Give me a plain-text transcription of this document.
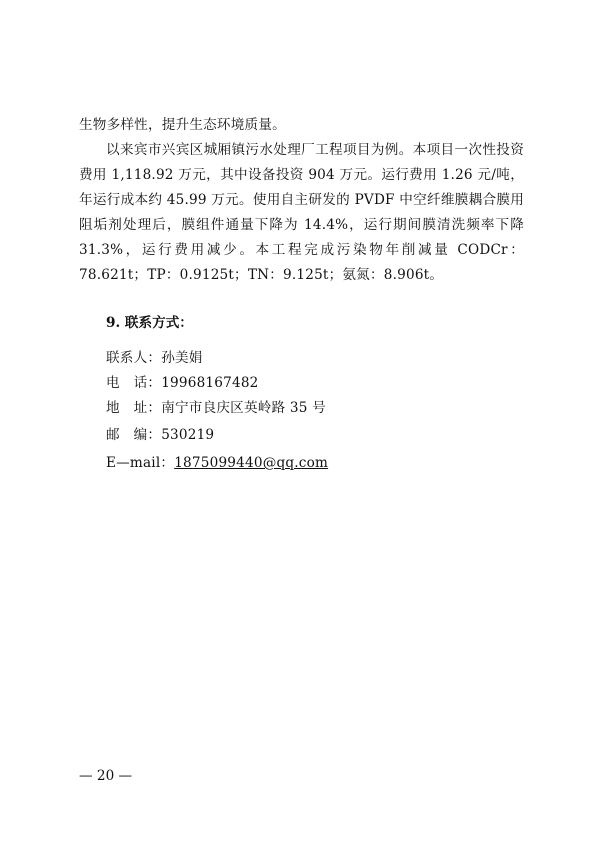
生物多样性，提升生态环境质量。

以来宾市兴宾区城厢镇污水处理厂工程项目为例。本项目一次性投资费用 1,118.92 万元，其中设备投资 904 万元。运行费用 1.26 元/吨，年运行成本约 45.99 万元。使用自主研发的 PVDF 中空纤维膜耦合膜用阻垢剂处理后，膜组件通量下降为 14.4%，运行期间膜清洗频率下降 31.3%，运行费用减少。本工程完成污染物年削减量 CODCr：78.621t；TP：0.9125t；TN：9.125t；氨氮：8.906t。

9. 联系方式：
联系人：孙美娟
电　话：19968167482
地　址：南宁市良庆区英岭路 35 号
邮　编：530219
E—mail：1875099440@qq.com
— 20 —
